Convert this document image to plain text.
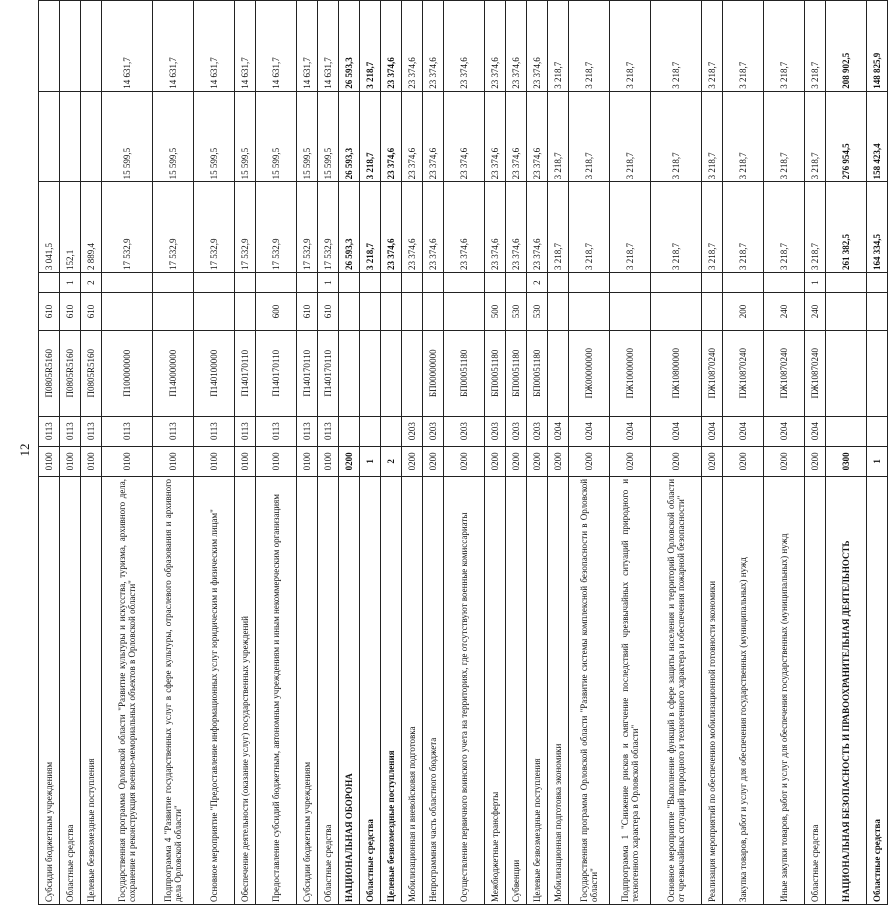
12
Субсидии бюджетным учреждениям	0100	0113	П0805R5160	610		3 041,5		
Областные средства	0100	0113	П0805R5160	610	1	152,1		
Целевые безвозмездные поступления	0100	0113	П0805R5160	610	2	2 889,4		
Государственная программа Орловской области "Развитие культуры и искусства, туризма, архивного дела, сохранение и реконструкция военно-мемориальных объектов в Орловской области"	0100	0113	П100000000			17 532,9	15 599,5	14 631,7
Подпрограмма 4 "Развитие государственных услуг в сфере культуры, отраслевого образования и архивного дела Орловской области"	0100	0113	П140000000			17 532,9	15 599,5	14 631,7
Основное мероприятие "Предоставление информационных услуг юридическим и физическим лицам"	0100	0113	П140100000			17 532,9	15 599,5	14 631,7
Обеспечение деятельности (оказание услуг) государственных учреждений	0100	0113	П140170110			17 532,9	15 599,5	14 631,7
Предоставление субсидий бюджетным, автономным учреждениям и иным некоммерческим организациям	0100	0113	П140170110	600		17 532,9	15 599,5	14 631,7
Субсидии бюджетным учреждениям	0100	0113	П140170110	610		17 532,9	15 599,5	14 631,7
Областные средства	0100	0113	П140170110	610	1	17 532,9	15 599,5	14 631,7
НАЦИОНАЛЬНАЯ ОБОРОНА	0200					26 593,3	26 593,3	26 593,3
Областные средства	1					3 218,7	3 218,7	3 218,7
Целевые безвозмездные поступления	2					23 374,6	23 374,6	23 374,6
Мобилизационная и вневойсковая подготовка	0200	0203				23 374,6	23 374,6	23 374,6
Непрограммная часть областного бюджета	0200	0203	БП00000000			23 374,6	23 374,6	23 374,6
Осуществление первичного воинского учета на территориях, где отсутствуют военные комиссариаты	0200	0203	БП00051180			23 374,6	23 374,6	23 374,6
Межбюджетные трансферты	0200	0203	БП00051180	500		23 374,6	23 374,6	23 374,6
Субвенции	0200	0203	БП00051180	530		23 374,6	23 374,6	23 374,6
Целевые безвозмездные поступления	0200	0203	БП00051180	530	2	23 374,6	23 374,6	23 374,6
Мобилизационная подготовка экономики	0200	0204				3 218,7	3 218,7	3 218,7
Государственная программа Орловской области "Развитие системы комплексной безопасности в Орловской области"	0200	0204	ПЖ00000000			3 218,7	3 218,7	3 218,7
Подпрограмма 1 "Снижение рисков и смягчение последствий чрезвычайных ситуаций природного и техногенного характера в Орловской области"	0200	0204	ПЖ10000000			3 218,7	3 218,7	3 218,7
Основное мероприятие "Выполнение функций в сфере защиты населения и территорий Орловской области от чрезвычайных ситуаций природного и техногенного характера и обеспечения пожарной безопасности"	0200	0204	ПЖ10800000			3 218,7	3 218,7	3 218,7
Реализация мероприятий по обеспечению мобилизационной готовности экономики	0200	0204	ПЖ10870240			3 218,7	3 218,7	3 218,7
Закупка товаров, работ и услуг для обеспечения государственных (муниципальных) нужд	0200	0204	ПЖ10870240	200		3 218,7	3 218,7	3 218,7
Иные закупки товаров, работ и услуг для обеспечения государственных (муниципальных) нужд	0200	0204	ПЖ10870240	240		3 218,7	3 218,7	3 218,7
Областные средства	0200	0204	ПЖ10870240	240	1	3 218,7	3 218,7	3 218,7
НАЦИОНАЛЬНАЯ БЕЗОПАСНОСТЬ И ПРАВООХРАНИТЕЛЬНАЯ ДЕЯТЕЛЬНОСТЬ	0300					261 382,5	276 954,5	208 902,5
Областные средства	1					164 334,5	158 423,4	148 825,9
